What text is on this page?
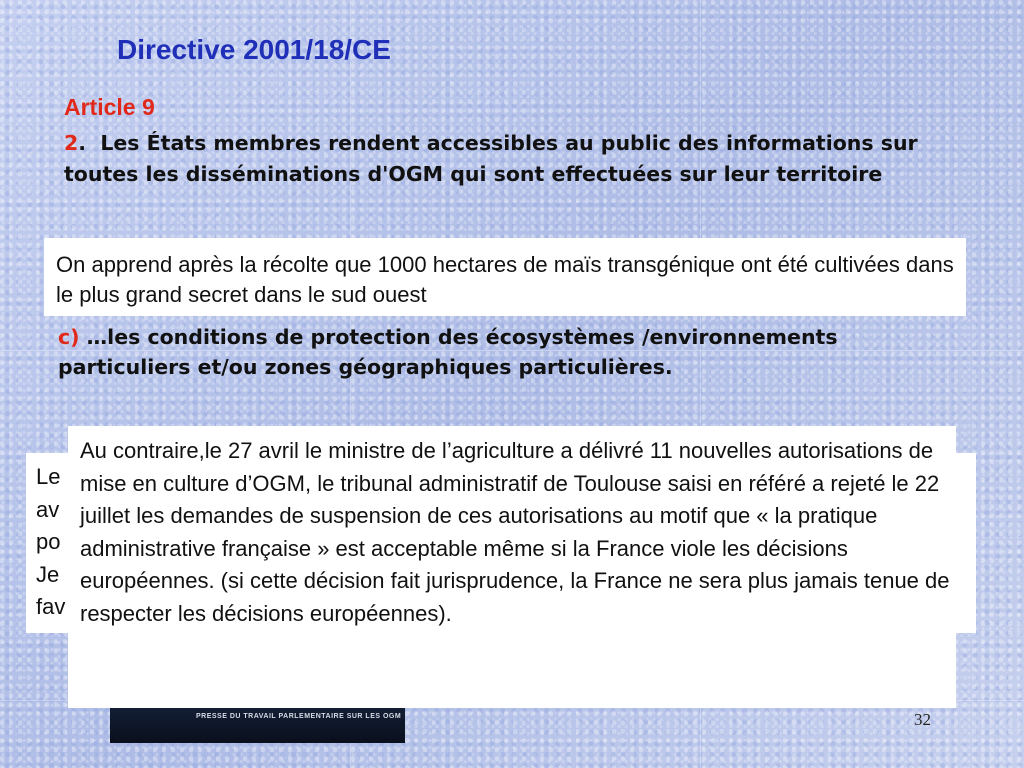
Directive 2001/18/CE
Article 9
2. Les États membres rendent accessibles au public des informations sur toutes les disséminations d'OGM qui sont effectuées sur leur territoire
On apprend après la récolte que 1000 hectares de maïs transgénique ont été cultivées dans le plus grand secret dans le sud ouest
c) …les conditions de protection des écosystèmes /environnements particuliers et/ou zones géographiques particulières.
Le
av
po
Je
fav
PRESSE DU TRAVAIL PARLEMENTAIRE SUR LES OGM
Au contraire,le 27 avril le ministre de l’agriculture a délivré 11 nouvelles autorisations de mise en culture d’OGM, le tribunal administratif de Toulouse saisi en référé a rejeté le 22 juillet les demandes de suspension de ces autorisations au motif que « la pratique administrative française » est acceptable même si la France viole les décisions européennes. (si cette décision fait jurisprudence, la France ne sera plus jamais tenue de respecter les décisions européennes).
32
